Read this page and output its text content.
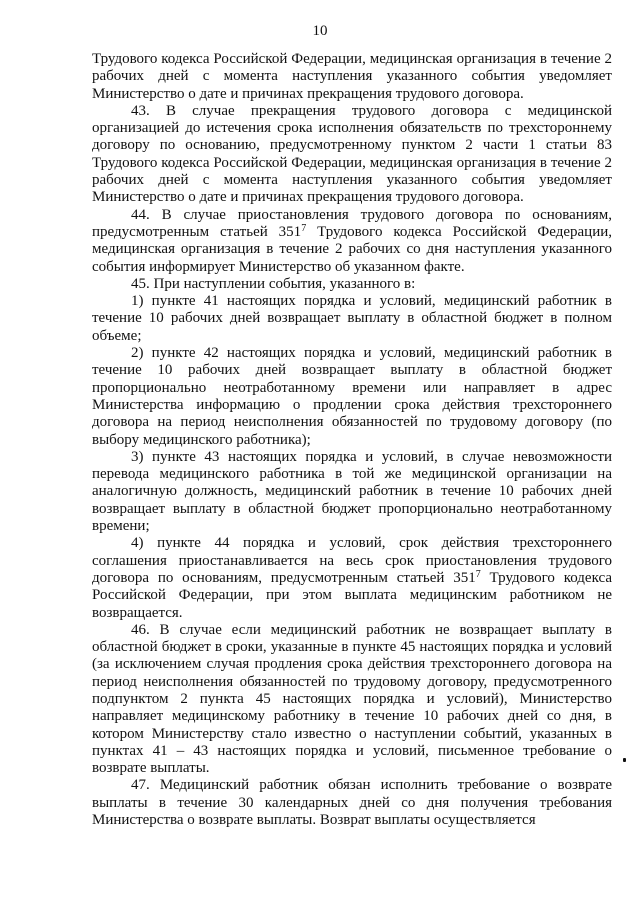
10

Трудового кодекса Российской Федерации, медицинская организация в течение 2 рабочих дней с момента наступления указанного события уведомляет Министерство о дате и причинах прекращения трудового договора.

43. В случае прекращения трудового договора с медицинской организацией до истечения срока исполнения обязательств по трехстороннему договору по основанию, предусмотренному пунктом 2 части 1 статьи 83 Трудового кодекса Российской Федерации, медицинская организация в течение 2 рабочих дней с момента наступления указанного события уведомляет Министерство о дате и причинах прекращения трудового договора.

44. В случае приостановления трудового договора по основаниям, предусмотренным статьей $351^7$ Трудового кодекса Российской Федерации, медицинская организация в течение 2 рабочих со дня наступления указанного события информирует Министерство об указанном факте.

45. При наступлении события, указанного в:

1) пункте 41 настоящих порядка и условий, медицинский работник в течение 10 рабочих дней возвращает выплату в областной бюджет в полном объеме;

2) пункте 42 настоящих порядка и условий, медицинский работник в течение 10 рабочих дней возвращает выплату в областной бюджет пропорционально неотработанному времени или направляет в адрес Министерства информацию о продлении срока действия трехстороннего договора на период неисполнения обязанностей по трудовому договору (по выбору медицинского работника);

3) пункте 43 настоящих порядка и условий, в случае невозможности перевода медицинского работника в той же медицинской организации на аналогичную должность, медицинский работник в течение 10 рабочих дней возвращает выплату в областной бюджет пропорционально неотработанному времени;

4) пункте 44 порядка и условий, срок действия трехстороннего соглашения приостанавливается на весь срок приостановления трудового договора по основаниям, предусмотренным статьей $351^7$ Трудового кодекса Российской Федерации, при этом выплата медицинским работником не возвращается.

46. В случае если медицинский работник не возвращает выплату в областной бюджет в сроки, указанные в пункте 45 настоящих порядка и условий (за исключением случая продления срока действия трехстороннего договора на период неисполнения обязанностей по трудовому договору, предусмотренного подпунктом 2 пункта 45 настоящих порядка и условий), Министерство направляет медицинскому работнику в течение 10 рабочих дней со дня, в котором Министерству стало известно о наступлении событий, указанных в пунктах 41 – 43 настоящих порядка и условий, письменное требование о возврате выплаты.

47. Медицинский работник обязан исполнить требование о возврате выплаты в течение 30 календарных дней со дня получения требования Министерства о возврате выплаты. Возврат выплаты осуществляется
